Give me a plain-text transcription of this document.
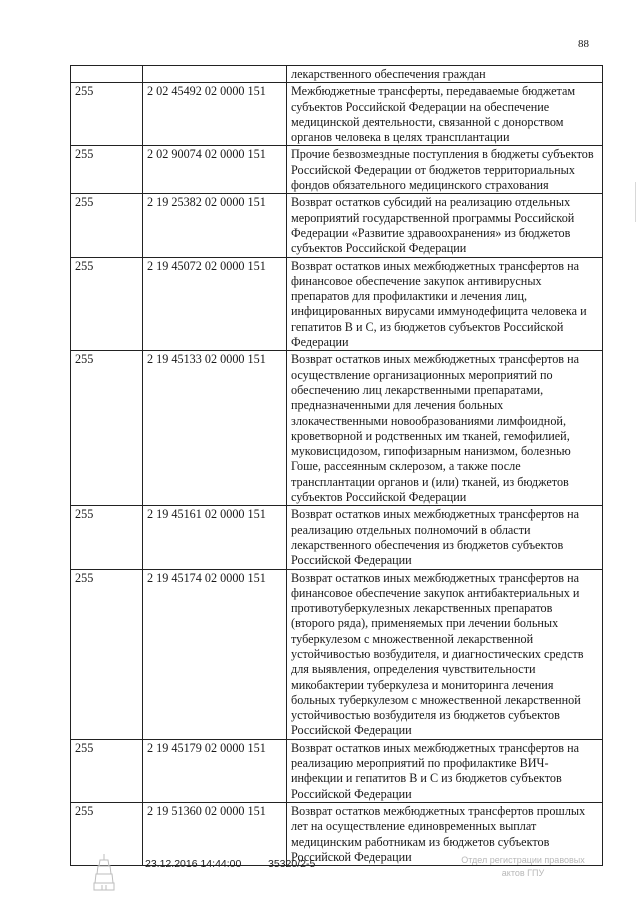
88
		лекарственного обеспечения граждан
255	2 02 45492 02 0000 151	Межбюджетные трансферты, передаваемые бюджетам субъектов Российской Федерации на обеспечение медицинской деятельности, связанной с донорством органов человека в целях трансплантации
255	2 02 90074 02 0000 151	Прочие безвозмездные поступления в бюджеты субъектов Российской Федерации от бюджетов территориальных фондов обязательного медицинского страхования
255	2 19 25382 02 0000 151	Возврат остатков субсидий на реализацию отдельных мероприятий государственной программы Российской Федерации «Развитие здравоохранения» из бюджетов субъектов Российской Федерации
255	2 19 45072 02 0000 151	Возврат остатков иных межбюджетных трансфертов на финансовое обеспечение закупок антивирусных препаратов для профилактики и лечения лиц, инфицированных вирусами иммунодефицита человека и гепатитов В и С, из бюджетов субъектов Российской Федерации
255	2 19 45133 02 0000 151	Возврат остатков иных межбюджетных трансфертов на осуществление организационных мероприятий по обеспечению лиц лекарственными препаратами, предназначенными для лечения больных злокачественными новообразованиями лимфоидной, кроветворной и родственных им тканей, гемофилией, муковисцидозом, гипофизарным нанизмом, болезнью Гоше, рассеянным склерозом, а также после трансплантации органов и (или) тканей, из бюджетов субъектов Российской Федерации
255	2 19 45161 02 0000 151	Возврат остатков иных межбюджетных трансфертов на реализацию отдельных полномочий в области лекарственного обеспечения из бюджетов субъектов Российской Федерации
255	2 19 45174 02 0000 151	Возврат остатков иных межбюджетных трансфертов на финансовое обеспечение закупок антибактериальных и противотуберкулезных лекарственных препаратов (второго ряда), применяемых при лечении больных туберкулезом с множественной лекарственной устойчивостью возбудителя, и диагностических средств для выявления, определения чувствительности микобактерии туберкулеза и мониторинга лечения больных туберкулезом с множественной лекарственной устойчивостью возбудителя из бюджетов субъектов Российской Федерации
255	2 19 45179 02 0000 151	Возврат остатков иных межбюджетных трансфертов на реализацию мероприятий по профилактике ВИЧ-инфекции и гепатитов В и С из бюджетов субъектов Российской Федерации
255	2 19 51360 02 0000 151	Возврат остатков межбюджетных трансфертов прошлых лет на осуществление единовременных выплат медицинским работникам из бюджетов субъектов Российской Федерации
23.12.2016 14:44:00	35320/2-5	Отдел регистрации правовых
актов ГПУ
